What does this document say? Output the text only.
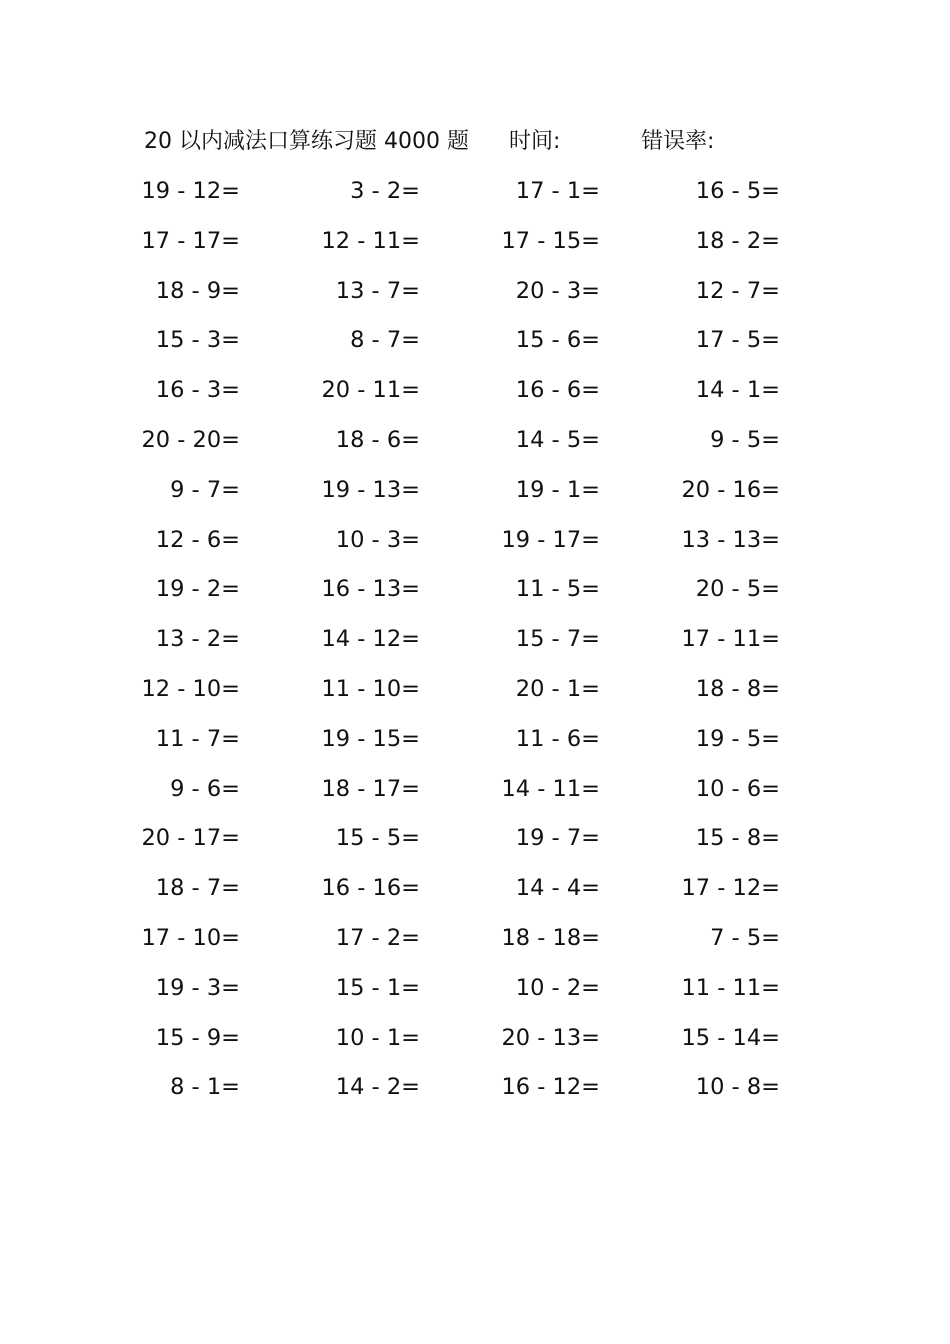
20 以内减法口算练习题 4000 题 时间:	错误率:
19 - 12=	3 - 2=	17 - 1=	16 - 5=
17 - 17=	12 - 11=	17 - 15=	18 - 2=
18 - 9=	13 - 7=	20 - 3=	12 - 7=
15 - 3=	8 - 7=	15 - 6=	17 - 5=
16 - 3=	20 - 11=	16 - 6=	14 - 1=
20 - 20=	18 - 6=	14 - 5=	9 - 5=
9 - 7=	19 - 13=	19 - 1=	20 - 16=
12 - 6=	10 - 3=	19 - 17=	13 - 13=
19 - 2=	16 - 13=	11 - 5=	20 - 5=
13 - 2=	14 - 12=	15 - 7=	17 - 11=
12 - 10=	11 - 10=	20 - 1=	18 - 8=
11 - 7=	19 - 15=	11 - 6=	19 - 5=
9 - 6=	18 - 17=	14 - 11=	10 - 6=
20 - 17=	15 - 5=	19 - 7=	15 - 8=
18 - 7=	16 - 16=	14 - 4=	17 - 12=
17 - 10=	17 - 2=	18 - 18=	7 - 5=
19 - 3=	15 - 1=	10 - 2=	11 - 11=
15 - 9=	10 - 1=	20 - 13=	15 - 14=
8 - 1=	14 - 2=	16 - 12=	10 - 8=
